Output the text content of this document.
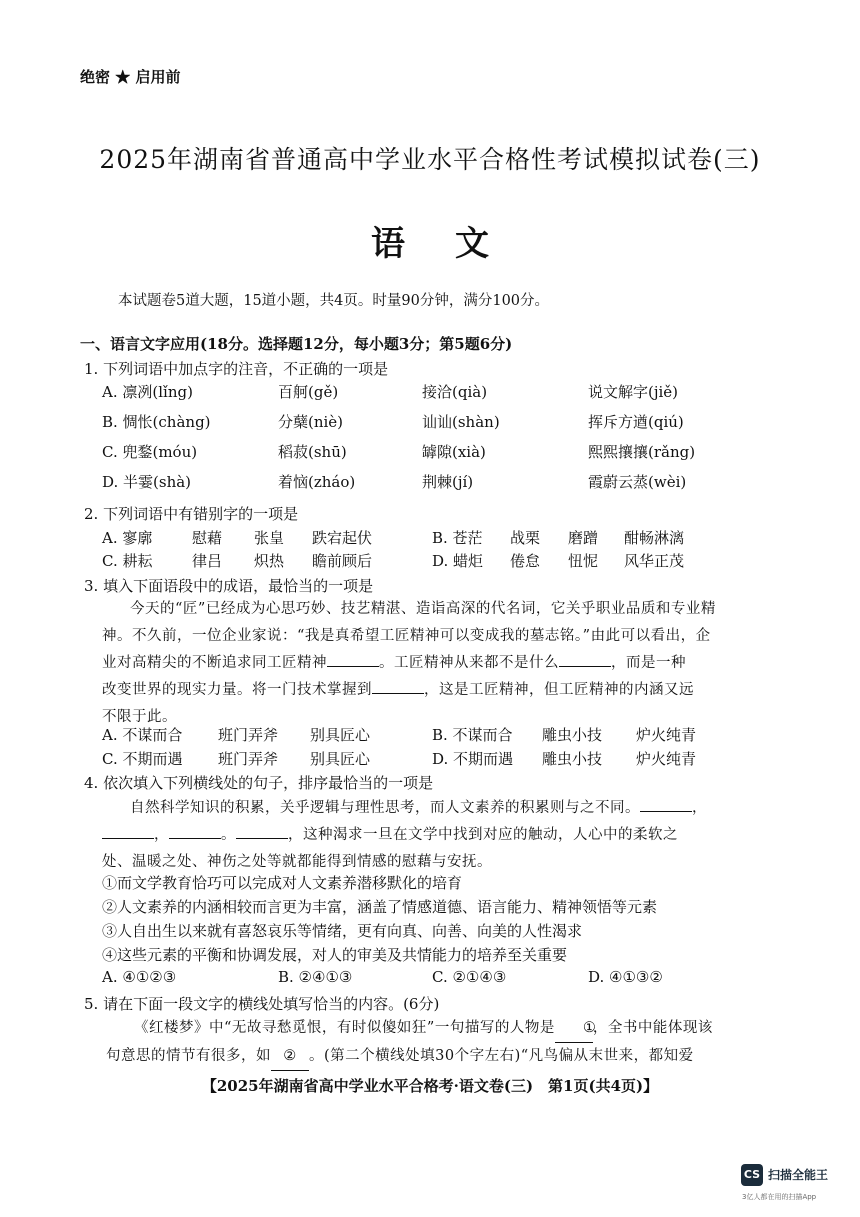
绝密 ★ 启用前
2025年湖南省普通高中学业水平合格性考试模拟试卷(三)
语文
本试题卷5道大题，15道小题，共4页。时量90分钟，满分100分。
一、语言文字应用(18分。选择题12分，每小题3分；第5题6分)
1. 下列词语中加点字的注音，不正确的一项是
A. 凛冽(lǐng)	百舸(gě)	接洽(qià)	说文解字(jiě)
B. 惆怅(chàng)	分蘖(niè)	讪讪(shàn)	挥斥方遒(qiú)
C. 兜鍪(móu)	稻菽(shū)	罅隙(xià)	熙熙攘攘(rǎng)
D. 半霎(shà)	着恼(zháo)	荆棘(jí)	霞蔚云蒸(wèi)
2. 下列词语中有错别字的一项是
A. 寥廓	慰藉 张皇 跌宕起伏	B. 苍茫 战栗 磨蹭 酣畅淋漓
C. 耕耘	律吕 炽热 瞻前顾后	D. 蜡炬 倦怠 忸怩 风华正茂
3. 填入下面语段中的成语，最恰当的一项是

今天的“匠”已经成为心思巧妙、技艺精湛、造诣高深的代名词，它关乎职业品质和专业精

神。不久前，一位企业家说：“我是真希望工匠精神可以变成我的墓志铭。”由此可以看出，企

业对高精尖的不断追求同工匠精神	。工匠精神从来都不是什么	，而是一种

改变世界的现实力量。将一门技术掌握到	，这是工匠精神，但工匠精神的内涵又远

不限于此。

A. 不谋而合 班门弄斧 别具匠心	B. 不谋而合 雕虫小技 炉火纯青
C. 不期而遇 班门弄斧 别具匠心	D. 不期而遇 雕虫小技 炉火纯青
4. 依次填入下列横线处的句子，排序最恰当的一项是

自然科学知识的积累，关乎逻辑与理性思考，而人文素养的积累则与之不同。	，

，	。	，这种渴求一旦在文学中找到对应的触动，人心中的柔软之

处、温暖之处、神伤之处等就都能得到情感的慰藉与安抚。

①而文学教育恰巧可以完成对人文素养潜移默化的培育
②人文素养的内涵相较而言更为丰富，涵盖了情感道德、语言能力、精神领悟等元素
③人自出生以来就有喜怒哀乐等情绪，更有向真、向善、向美的人性渴求
④这些元素的平衡和协调发展，对人的审美及共情能力的培养至关重要
A. ④①②③	B. ②④①③	C. ②①④③	D. ④①③②
5. 请在下面一段文字的横线处填写恰当的内容。(6分)

《红楼梦》中“无故寻愁觅恨，有时似傻如狂”一句描写的人物是 ①，全书中能体现该

句意思的情节有很多，如 ② 。(第二个横线处填30个字左右)“凡鸟偏从末世来，都知爱

【2025年湖南省高中学业水平合格考·语文卷(三)　第1页(共4页)】
CS 扫描全能王
3亿人都在用的扫描App
